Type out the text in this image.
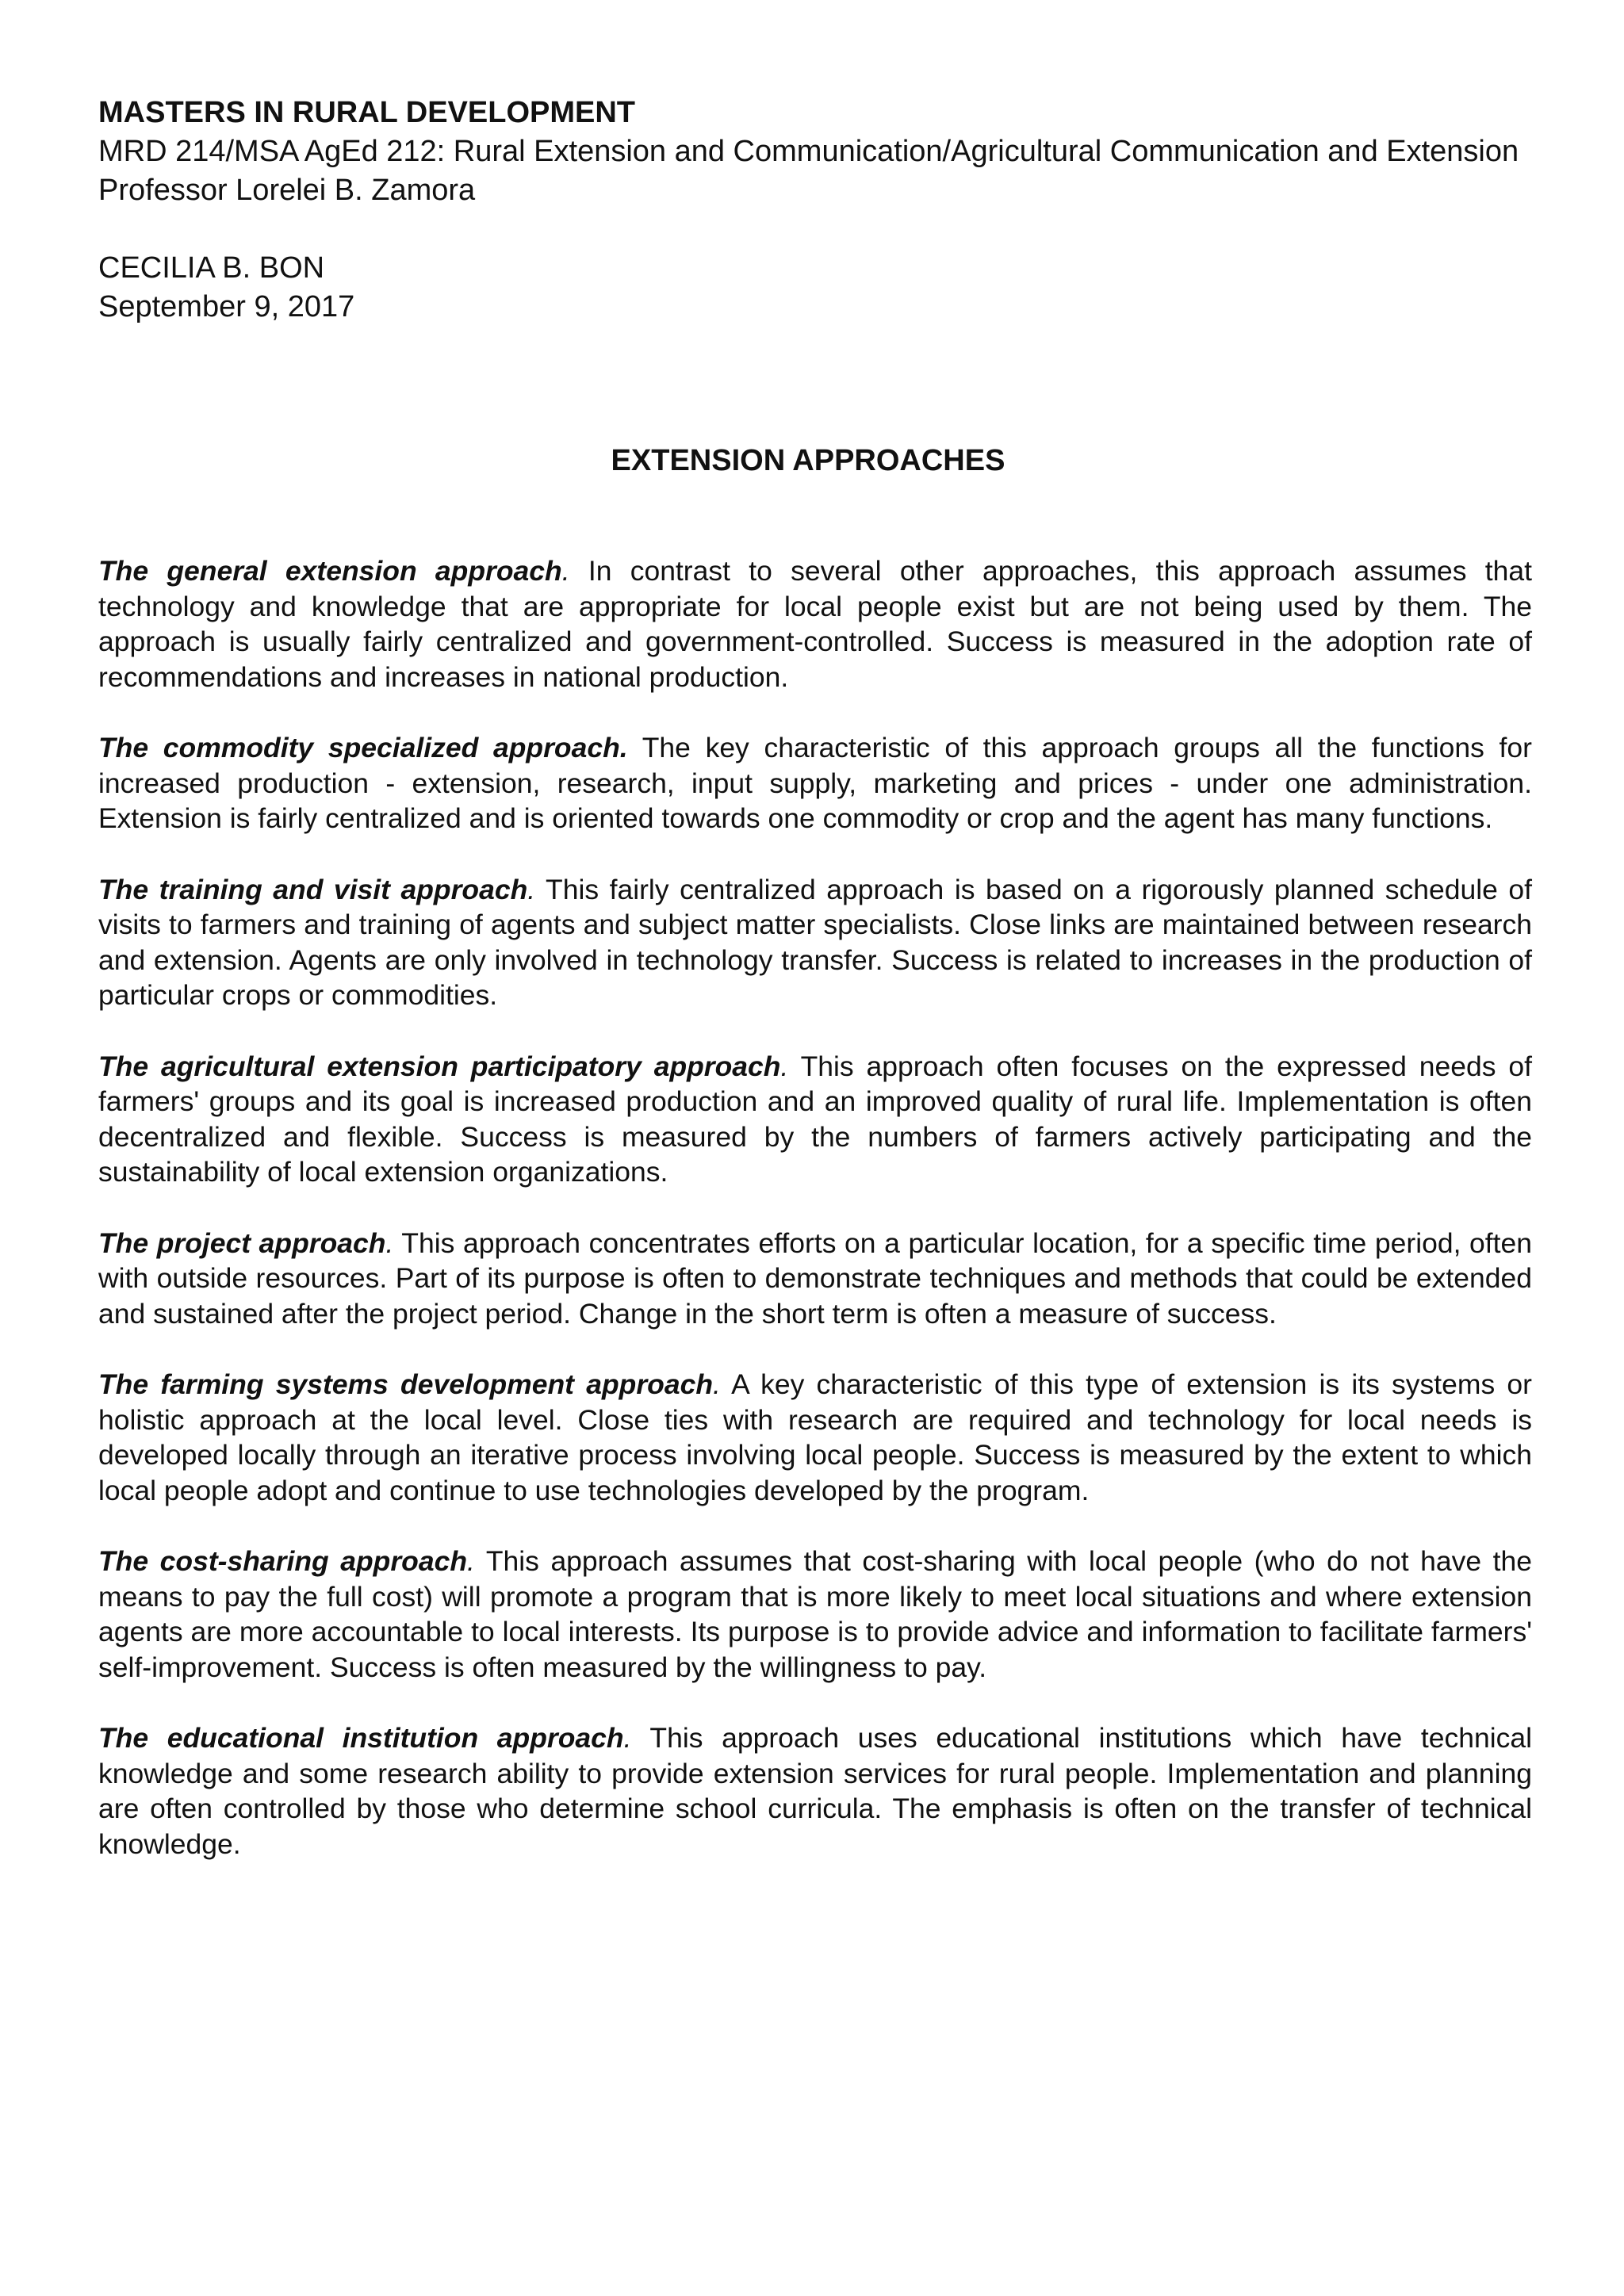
MASTERS IN RURAL DEVELOPMENT
MRD 214/MSA AgEd 212: Rural Extension and Communication/Agricultural Communication and Extension
Professor Lorelei B. Zamora
CECILIA B. BON
September 9, 2017
EXTENSION APPROACHES

The general extension approach. In contrast to several other approaches, this approach assumes that technology and knowledge that are appropriate for local people exist but are not being used by them. The approach is usually fairly centralized and government-controlled. Success is measured in the adoption rate of recommendations and increases in national production.

The commodity specialized approach. The key characteristic of this approach groups all the functions for increased production - extension, research, input supply, marketing and prices - under one administration. Extension is fairly centralized and is oriented towards one commodity or crop and the agent has many functions.

The training and visit approach. This fairly centralized approach is based on a rigorously planned schedule of visits to farmers and training of agents and subject matter specialists. Close links are maintained between research and extension. Agents are only involved in technology transfer. Success is related to increases in the production of particular crops or commodities.

The agricultural extension participatory approach. This approach often focuses on the expressed needs of farmers' groups and its goal is increased production and an improved quality of rural life. Implementation is often decentralized and flexible. Success is measured by the numbers of farmers actively participating and the sustainability of local extension organizations.

The project approach. This approach concentrates efforts on a particular location, for a specific time period, often with outside resources. Part of its purpose is often to demonstrate techniques and methods that could be extended and sustained after the project period. Change in the short term is often a measure of success.

The farming systems development approach. A key characteristic of this type of extension is its systems or holistic approach at the local level. Close ties with research are required and technology for local needs is developed locally through an iterative process involving local people. Success is measured by the extent to which local people adopt and continue to use technologies developed by the program.

The cost-sharing approach. This approach assumes that cost-sharing with local people (who do not have the means to pay the full cost) will promote a program that is more likely to meet local situations and where extension agents are more accountable to local interests. Its purpose is to provide advice and information to facilitate farmers' self-improvement. Success is often measured by the willingness to pay.

The educational institution approach. This approach uses educational institutions which have technical knowledge and some research ability to provide extension services for rural people. Implementation and planning are often controlled by those who determine school curricula. The emphasis is often on the transfer of technical knowledge.
